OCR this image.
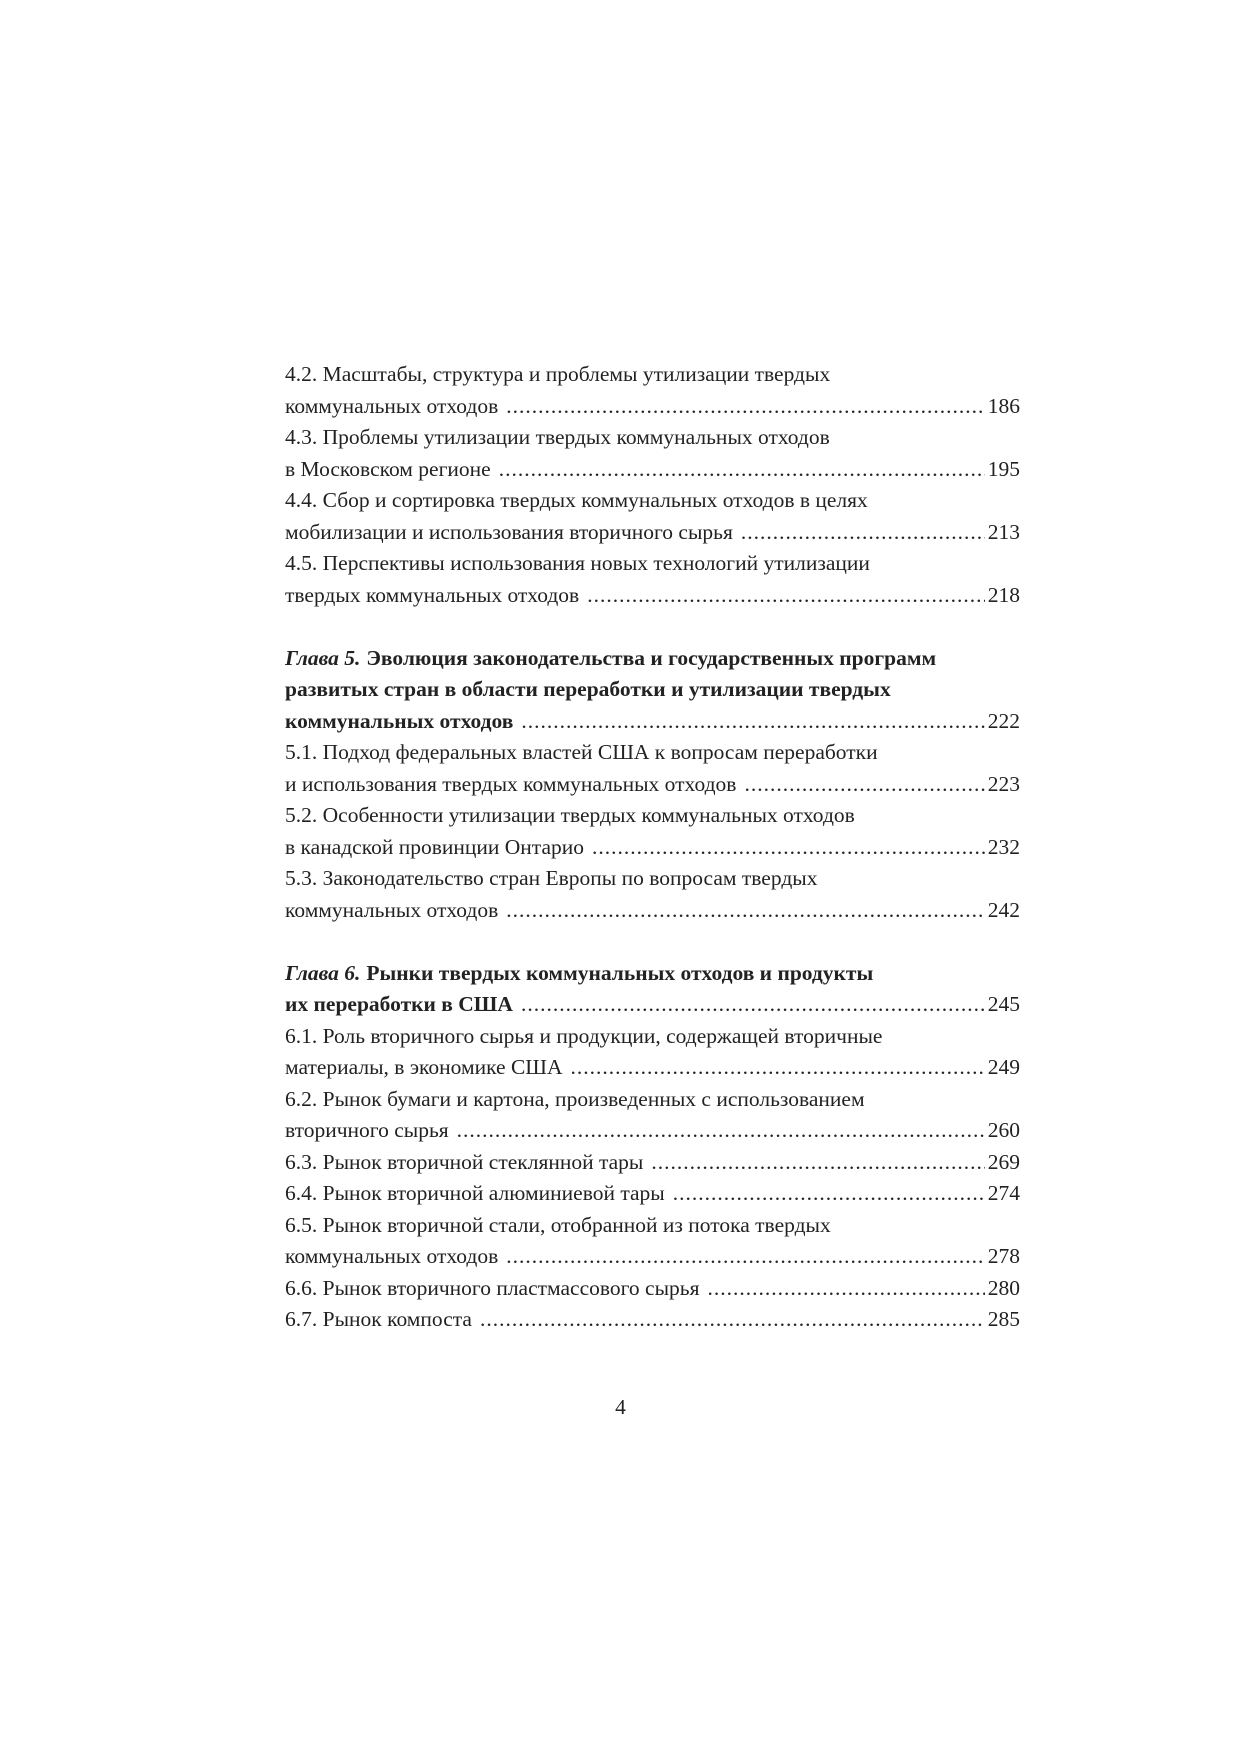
4.2. Масштабы, структура и проблемы утилизации твердых
коммунальных отходов .....	186
4.3. Проблемы утилизации твердых коммунальных отходов
в Московском регионе .....	195
4.4. Сбор и сортировка твердых коммунальных отходов в целях
мобилизации и использования вторичного сырья .....	213
4.5. Перспективы использования новых технологий утилизации
твердых коммунальных отходов .....	218
Глава 5. Эволюция законодательства и государственных программ
развитых стран в области переработки и утилизации твердых
коммунальных отходов .....	222
5.1. Подход федеральных властей США к вопросам переработки
и использования твердых коммунальных отходов .....	223
5.2. Особенности утилизации твердых коммунальных отходов
в канадской провинции Онтарио .....	232
5.3. Законодательство стран Европы по вопросам твердых
коммунальных отходов .....	242
Глава 6. Рынки твердых коммунальных отходов и продукты
их переработки в США .....	245
6.1. Роль вторичного сырья и продукции, содержащей вторичные
материалы, в экономике США .....	249
6.2. Рынок бумаги и картона, произведенных с использованием
вторичного сырья .....	260
6.3. Рынок вторичной стеклянной тары .....	269
6.4. Рынок вторичной алюминиевой тары .....	274
6.5. Рынок вторичной стали, отобранной из потока твердых
коммунальных отходов .....	278
6.6. Рынок вторичного пластмассового сырья .....	280
6.7. Рынок компоста .....	285
4
